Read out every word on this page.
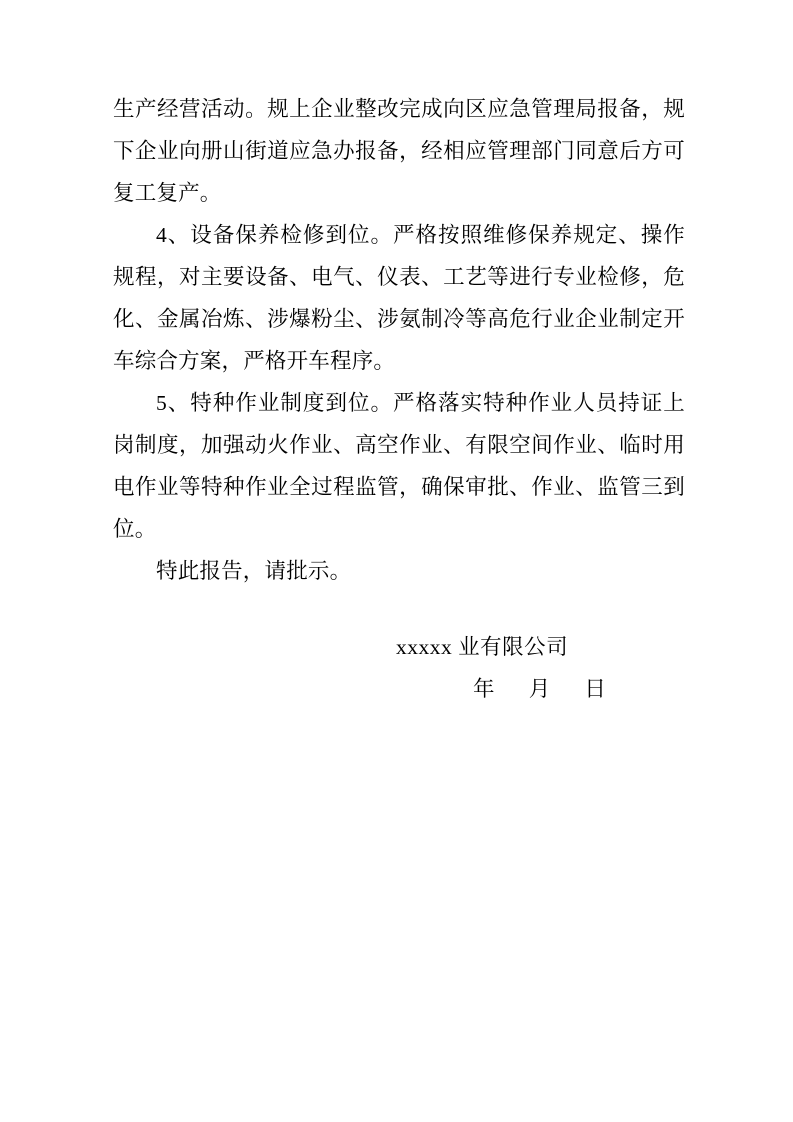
生产经营活动。规上企业整改完成向区应急管理局报备，规下企业向册山街道应急办报备，经相应管理部门同意后方可复工复产。

4、设备保养检修到位。严格按照维修保养规定、操作规程，对主要设备、电气、仪表、工艺等进行专业检修，危化、金属冶炼、涉爆粉尘、涉氨制冷等高危行业企业制定开车综合方案，严格开车程序。

5、特种作业制度到位。严格落实特种作业人员持证上岗制度，加强动火作业、高空作业、有限空间作业、临时用电作业等特种作业全过程监管，确保审批、作业、监管三到位。

特此报告，请批示。

xxxxx 业有限公司

年 月 日
